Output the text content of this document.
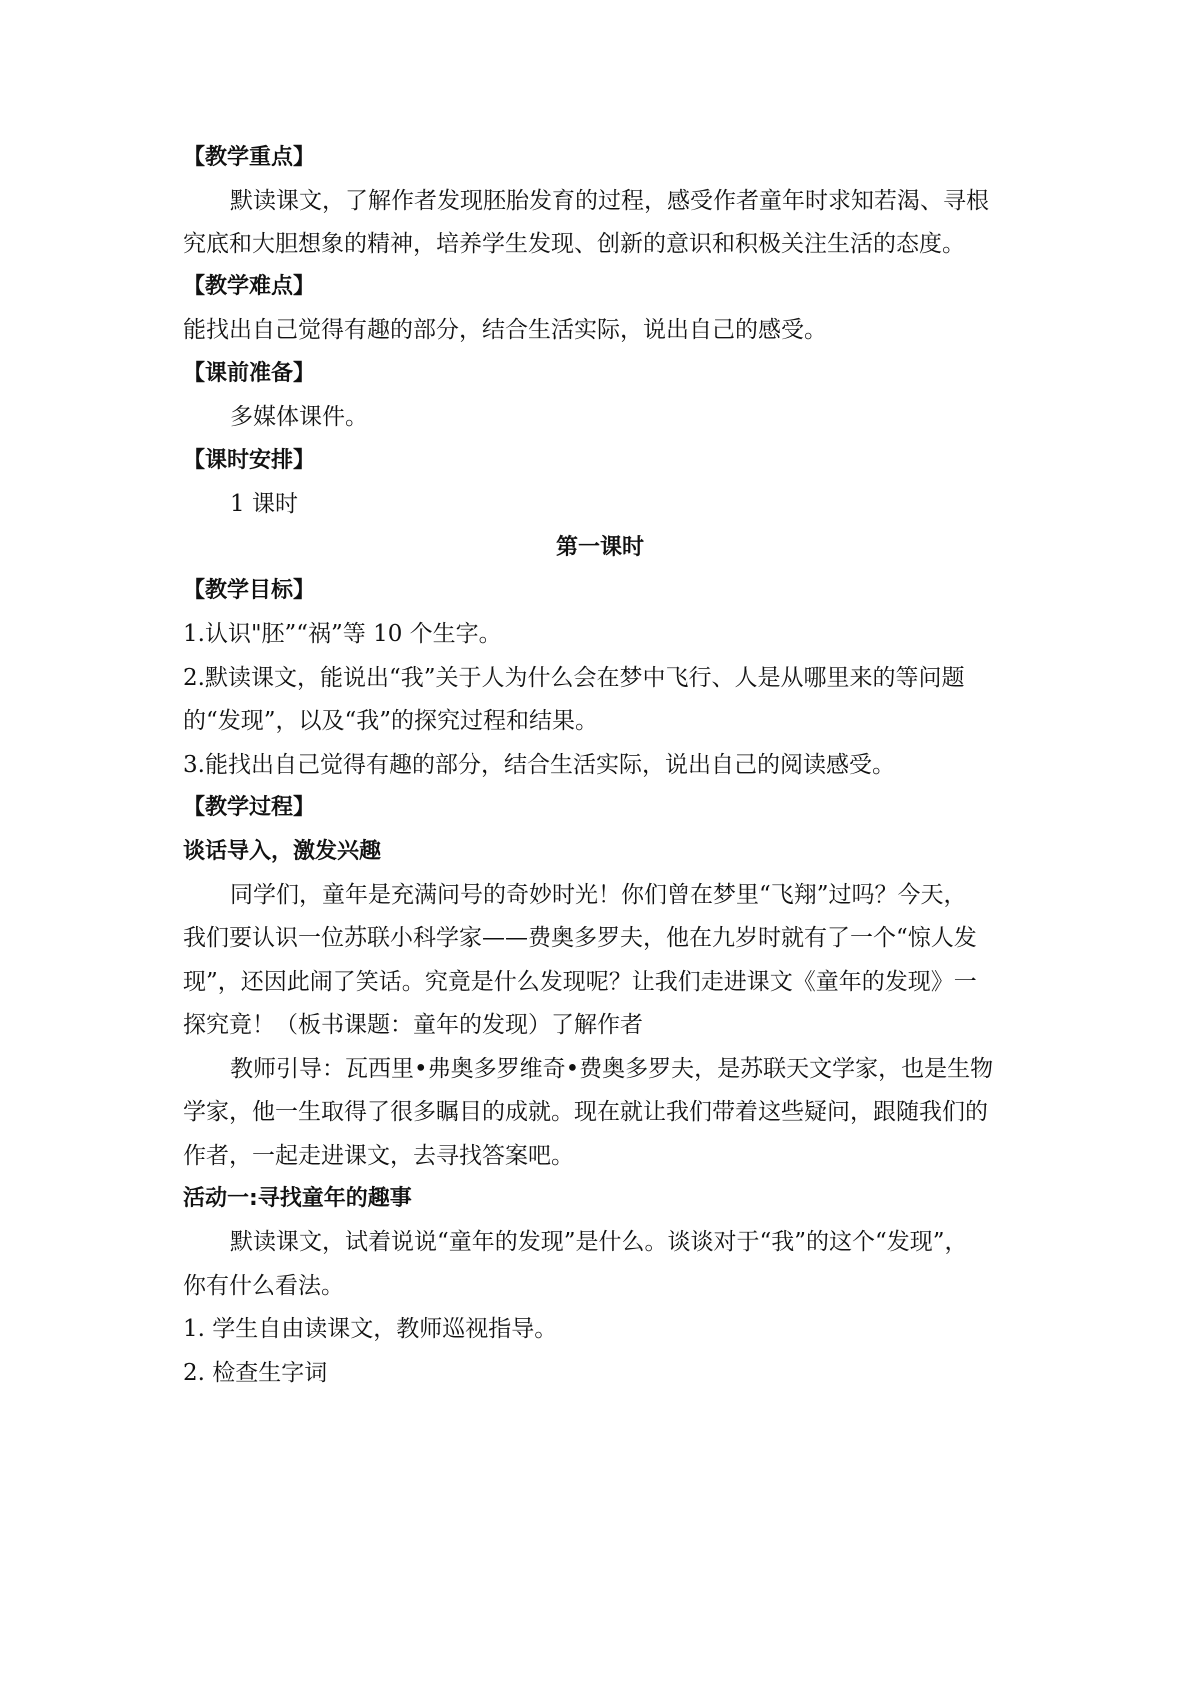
【教学重点】

默读课文，了解作者发现胚胎发育的过程，感受作者童年时求知若渴、寻根

究底和大胆想象的精神，培养学生发现、创新的意识和积极关注生活的态度。

【教学难点】

能找出自己觉得有趣的部分，结合生活实际，说出自己的感受。

【课前准备】

多媒体课件。

【课时安排】

1 课时

第一课时

【教学目标】

1.认识"胚”“祸”等 10 个生字。

2.默读课文，能说出“我”关于人为什么会在梦中飞行、人是从哪里来的等问题

的“发现”，以及“我”的探究过程和结果。

3.能找出自己觉得有趣的部分，结合生活实际，说出自己的阅读感受。

【教学过程】

谈话导入，激发兴趣

同学们，童年是充满问号的奇妙时光！你们曾在梦里“飞翔”过吗？今天，

我们要认识一位苏联小科学家——费奥多罗夫，他在九岁时就有了一个“惊人发

现”，还因此闹了笑话。究竟是什么发现呢？让我们走进课文《童年的发现》一

探究竟！（板书课题：童年的发现）了解作者

教师引导：瓦西里•弗奥多罗维奇•费奥多罗夫，是苏联天文学家，也是生物

学家，他一生取得了很多瞩目的成就。现在就让我们带着这些疑问，跟随我们的

作者，一起走进课文，去寻找答案吧。

活动一:寻找童年的趣事

默读课文，试着说说“童年的发现”是什么。谈谈对于“我”的这个“发现”，

你有什么看法。

1. 学生自由读课文，教师巡视指导。

2. 检查生字词
